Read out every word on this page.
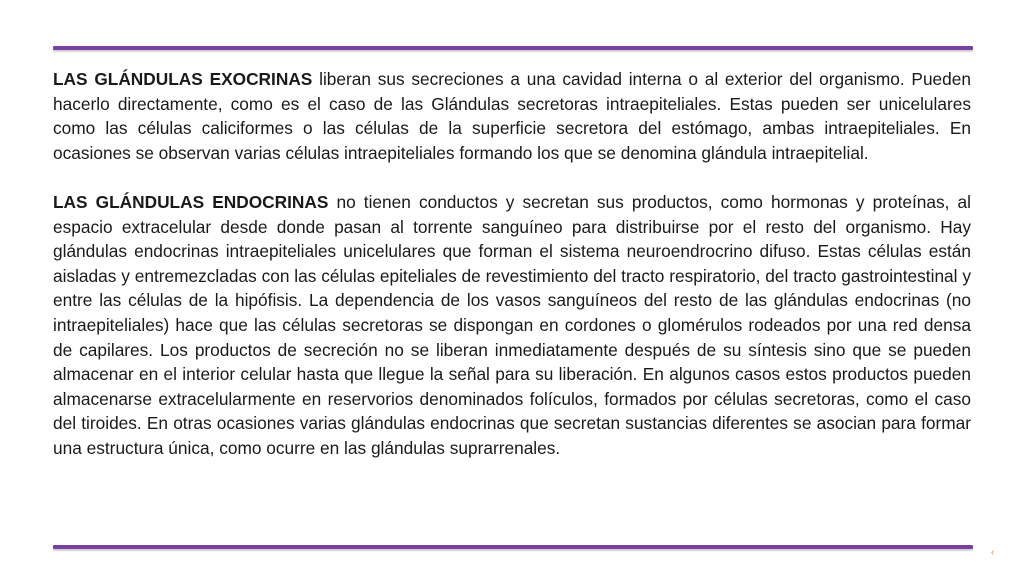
LAS GLÁNDULAS EXOCRINAS liberan sus secreciones a una cavidad interna o al exterior del organismo. Pueden hacerlo directamente, como es el caso de las Glándulas secretoras intraepiteliales. Estas pueden ser unicelulares como las células caliciformes o las células de la superficie secretora del estómago, ambas intraepiteliales. En ocasiones se observan varias células intraepiteliales formando los que se denomina glándula intraepitelial.

LAS GLÁNDULAS ENDOCRINAS no tienen conductos y secretan sus productos, como hormonas y proteínas, al espacio extracelular desde donde pasan al torrente sanguíneo para distribuirse por el resto del organismo. Hay glándulas endocrinas intraepiteliales unicelulares que forman el sistema neuroendrocrino difuso. Estas células están aisladas y entremezcladas con las células epiteliales de revestimiento del tracto respiratorio, del tracto gastrointestinal y entre las células de la hipófisis. La dependencia de los vasos sanguíneos del resto de las glándulas endocrinas (no intraepiteliales) hace que las células secretoras se dispongan en cordones o glomérulos rodeados por una red densa de capilares. Los productos de secreción no se liberan inmediatamente después de su síntesis sino que se pueden almacenar en el interior celular hasta que llegue la señal para su liberación. En algunos casos estos productos pueden almacenarse extracelularmente en reservorios denominados folículos, formados por células secretoras, como el caso del tiroides. En otras ocasiones varias glándulas endocrinas que secretan sustancias diferentes se asocian para formar una estructura única, como ocurre en las glándulas suprarrenales.

‹
